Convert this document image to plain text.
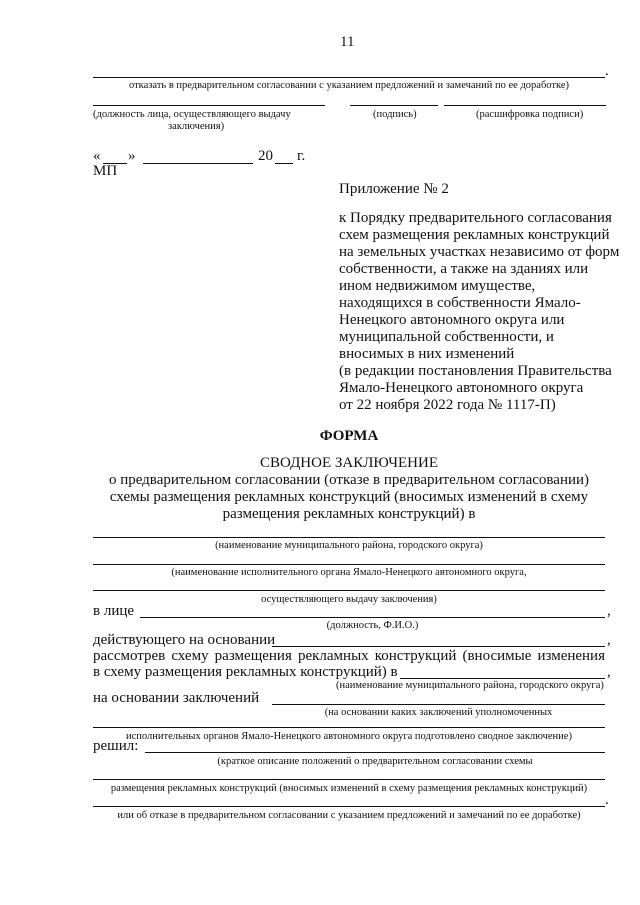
11
.
отказать в предварительном согласовании с указанием предложений и замечаний по ее доработке)
(должность лица, осуществляющего выдачу
заключения)
(подпись)	(расшифровка подписи)
« »	20 г.
МП
Приложение № 2
к Порядку предварительного согласования
схем размещения рекламных конструкций
на земельных участках независимо от форм
собственности, а также на зданиях или
ином недвижимом имуществе,
находящихся в собственности Ямало-
Ненецкого автономного округа или
муниципальной собственности, и
вносимых в них изменений
(в редакции постановления Правительства
Ямало-Ненецкого автономного округа
от 22 ноября 2022 года № 1117-П)
ФОРМА
СВОДНОЕ ЗАКЛЮЧЕНИЕ
о предварительном согласовании (отказе в предварительном согласовании)
схемы размещения рекламных конструкций (вносимых изменений в схему
размещения рекламных конструкций) в
(наименование муниципального района, городского округа)
(наименование исполнительного органа Ямало-Ненецкого автономного округа,
осуществляющего выдачу заключения)
в лице	,
(должность, Ф.И.О.)
действующего на основании	,
рассмотрев схему размещения рекламных конструкций (вносимые изменения
в схему размещения рекламных конструкций) в	,
(наименование муниципального района, городского округа)
на основании заключений
(на основании каких заключений уполномоченных
исполнительных органов Ямало-Ненецкого автономного округа подготовлено сводное заключение)
решил:
(краткое описание положений о предварительном согласовании схемы
размещения рекламных конструкций (вносимых изменений в схему размещения рекламных конструкций)
.
или об отказе в предварительном согласовании с указанием предложений и замечаний по ее доработке)
